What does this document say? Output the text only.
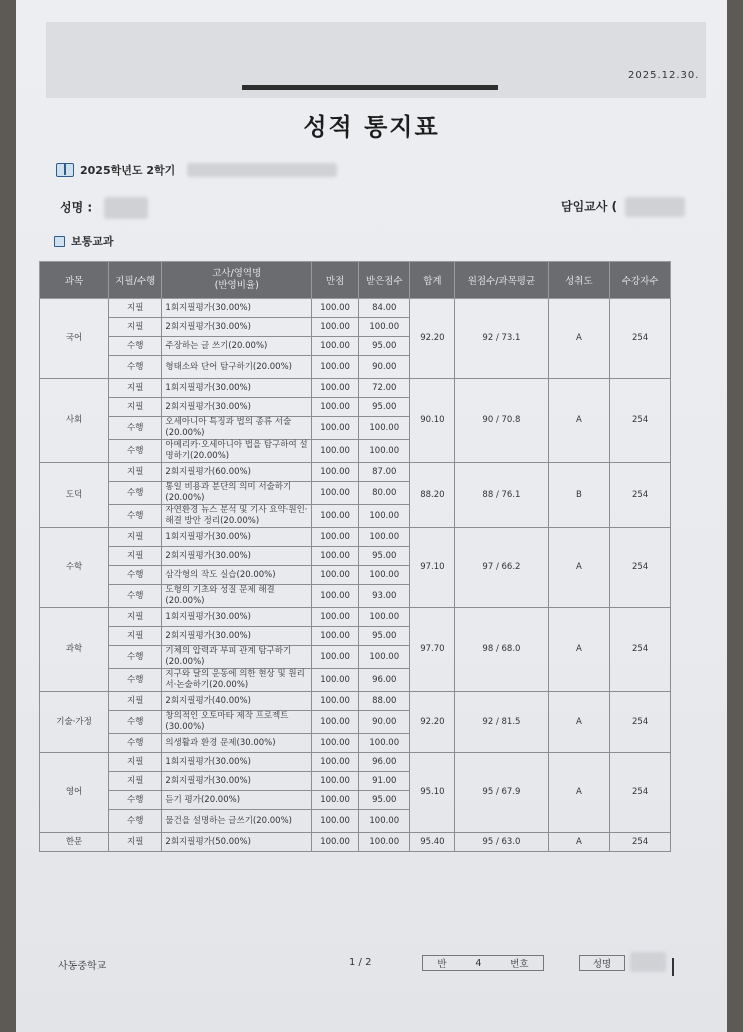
2025.12.30.
성적 통지표
2025학년도 2학기
성명 :	담임교사 (
보통교과
과목	지필/수행	고사/영역명
(반영비율)	만점	받은점수	합계	원점수/과목평균	성취도	수강자수
국어	지필	1회지필평가(30.00%)	100.00	84.00	92.20	92 / 73.1	A	254
	지필	2회지필평가(30.00%)	100.00	100.00				
	수행	주장하는 글 쓰기(20.00%)	100.00	95.00				
	수행	형태소와 단어 탐구하기(20.00%)	100.00	90.00				
사회	지필	1회지필평가(30.00%)	100.00	72.00	90.10	90 / 70.8	A	254
	지필	2회지필평가(30.00%)	100.00	95.00				
	수행	오세아니아 특징과 법의 종류 서술(20.00%)	100.00	100.00				
	수행	아메리카·오세아니아 법을 탐구하여 설명하기(20.00%)	100.00	100.00				
도덕	지필	2회지필평가(60.00%)	100.00	87.00	88.20	88 / 76.1	B	254
	수행	통일 비용과 분단의 의미 서술하기(20.00%)	100.00	80.00				
	수행	자연환경 뉴스 분석 및 기사 요약·원인·해결 방안 정리(20.00%)	100.00	100.00				
수학	지필	1회지필평가(30.00%)	100.00	100.00	97.10	97 / 66.2	A	254
	지필	2회지필평가(30.00%)	100.00	95.00				
	수행	삼각형의 작도 실습(20.00%)	100.00	100.00				
	수행	도형의 기초와 성질 문제 해결(20.00%)	100.00	93.00				
과학	지필	1회지필평가(30.00%)	100.00	100.00	97.70	98 / 68.0	A	254
	지필	2회지필평가(30.00%)	100.00	95.00				
	수행	기체의 압력과 부피 관계 탐구하기(20.00%)	100.00	100.00				
	수행	지구와 달의 운동에 의한 현상 및 원리 서·논술하기(20.00%)	100.00	96.00				
기술·가정	지필	2회지필평가(40.00%)	100.00	88.00	92.20	92 / 81.5	A	254
	수행	창의적인 오토마타 제작 프로젝트(30.00%)	100.00	90.00				
	수행	의생활과 환경 문제(30.00%)	100.00	100.00				
영어	지필	1회지필평가(30.00%)	100.00	96.00	95.10	95 / 67.9	A	254
	지필	2회지필평가(30.00%)	100.00	91.00				
	수행	듣기 평가(20.00%)	100.00	95.00				
	수행	물건을 설명하는 글쓰기(20.00%)	100.00	100.00				
한문	지필	2회지필평가(50.00%)	100.00	100.00	95.40	95 / 63.0	A	254
사동중학교	1 / 2	반	4	번호	성명
